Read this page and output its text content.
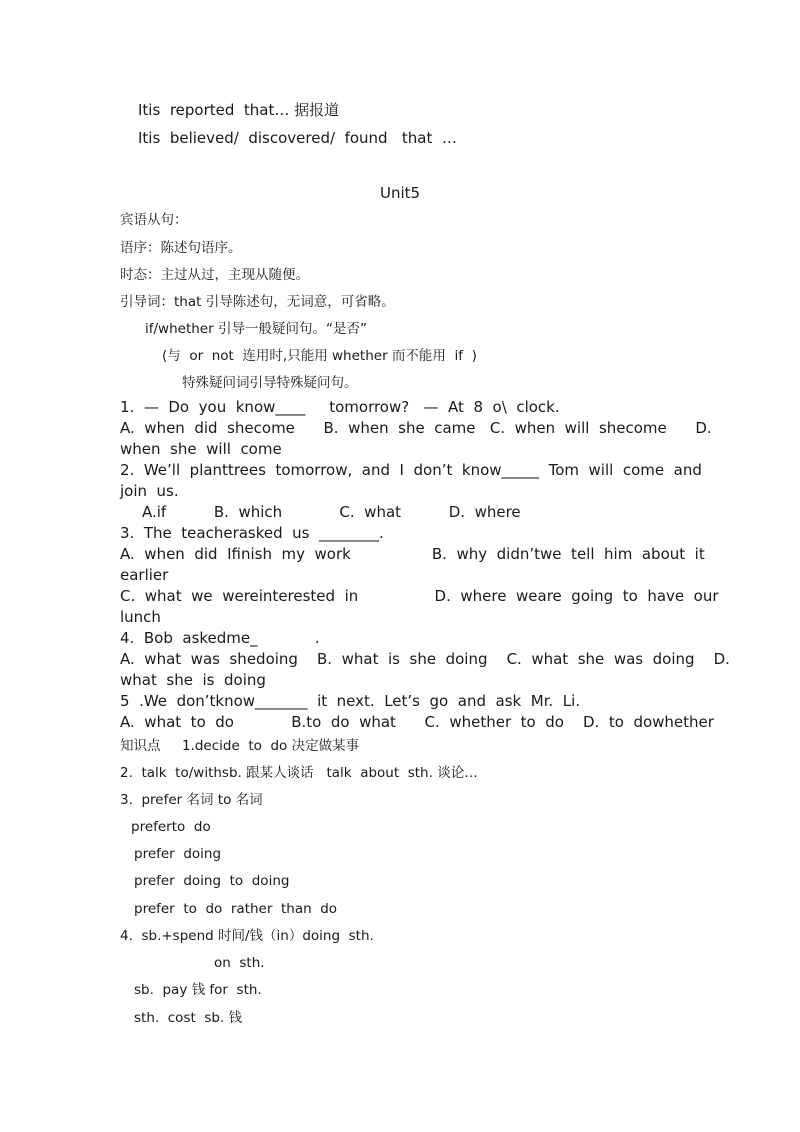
Itis  reported  that… 据报道
Itis  believed/  discovered/  found   that  …
Unit5
宾语从句：
语序：陈述句语序。
时态：主过从过，主现从随便。
引导词：that 引导陈述句，无词意，可省略。
if/whether 引导一般疑问句。“是否”
(与  or  not  连用时,只能用 whether 而不能用  if  )
特殊疑问词引导特殊疑问句。
1.  —  Do  you  know____     tomorrow?   —  At  8  o\  clock.
A.  when  did  shecome      B.  when  she  came   C.  when  will  shecome      D.
when  she  will  come
2.  We’ll  planttrees  tomorrow,  and  I  don’t  know_____  Tom  will  come  and
join  us.
A.if          B.  which            C.  what          D.  where
3.  The  teacherasked  us  ________.
A.  when  did  Ifinish  my  work                 B.  why  didn’twe  tell  him  about  it
earlier
C.  what  we  wereinterested  in                D.  where  weare  going  to  have  our
lunch
4.  Bob  askedme_            .
A.  what  was  shedoing    B.  what  is  she  doing    C.  what  she  was  doing    D.
what  she  is  doing
5  .We  don’tknow_______  it  next.  Let’s  go  and  ask  Mr.  Li.
A.  what  to  do            B.to  do  what      C.  whether  to  do    D.  to  dowhether
知识点     1.decide  to  do 决定做某事
2.  talk  to/withsb. 跟某人谈话   talk  about  sth. 谈论…
3.  prefer 名词 to 名词
preferto  do
prefer  doing
prefer  doing  to  doing
prefer  to  do  rather  than  do
4.  sb.+spend 时间/钱（in）doing  sth.
on  sth.
sb.  pay 钱 for  sth.
sth.  cost  sb. 钱
